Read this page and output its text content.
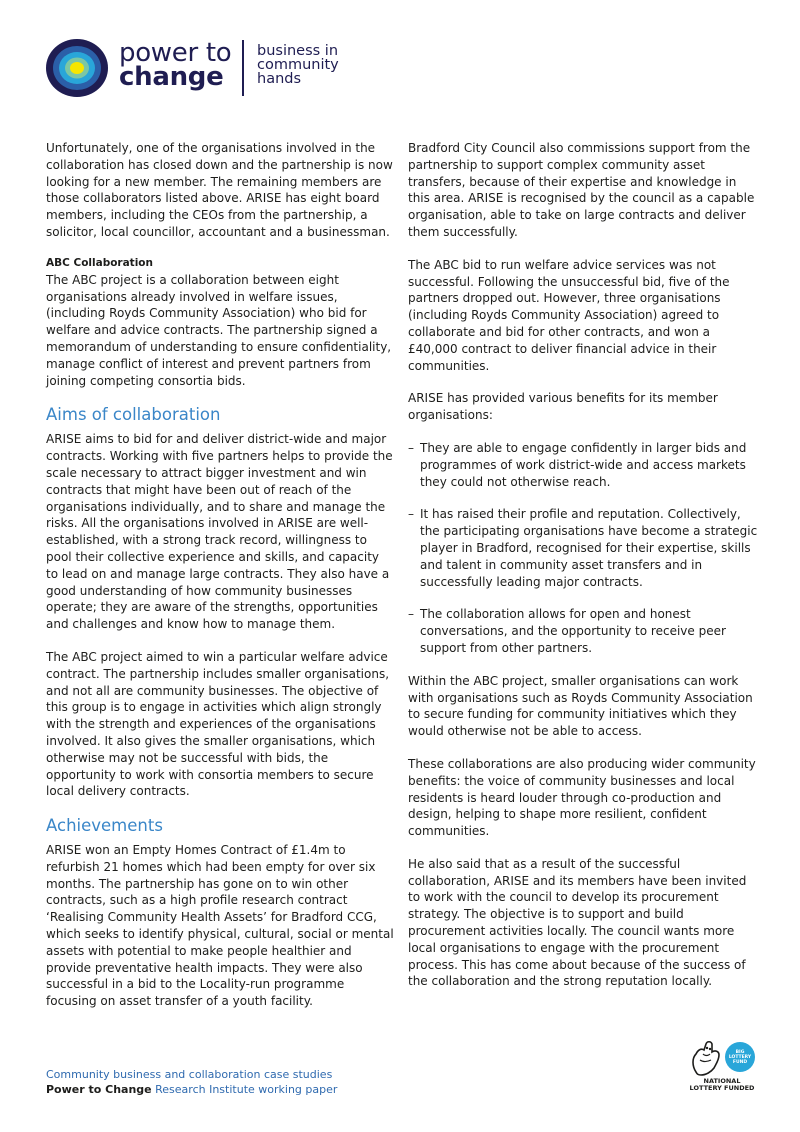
power to
change
business in
community
hands

Unfortunately, one of the organisations involved in the collaboration has closed down and the partnership is now looking for a new member. The remaining members are those collaborators listed above. ARISE has eight board members, including the CEOs from the partnership, a solicitor, local councillor, accountant and a businessman.

ABC Collaboration

The ABC project is a collaboration between eight organisations already involved in welfare issues, (including Royds Community Association) who bid for welfare and advice contracts. The partnership signed a memorandum of understanding to ensure confidentiality, manage conflict of interest and prevent partners from joining competing consortia bids.

Aims of collaboration

ARISE aims to bid for and deliver district-wide and major contracts. Working with five partners helps to provide the scale necessary to attract bigger investment and win contracts that might have been out of reach of the organisations individually, and to share and manage the risks. All the organisations involved in ARISE are well-established, with a strong track record, willingness to pool their collective experience and skills, and capacity to lead on and manage large contracts. They also have a good understanding of how community businesses operate; they are aware of the strengths, opportunities and challenges and know how to manage them.

The ABC project aimed to win a particular welfare advice contract. The partnership includes smaller organisations, and not all are community businesses. The objective of this group is to engage in activities which align strongly with the strength and experiences of the organisations involved. It also gives the smaller organisations, which otherwise may not be successful with bids, the opportunity to work with consortia members to secure local delivery contracts.

Achievements

ARISE won an Empty Homes Contract of £1.4m to refurbish 21 homes which had been empty for over six months. The partnership has gone on to win other contracts, such as a high profile research contract ‘Realising Community Health Assets’ for Bradford CCG, which seeks to identify physical, cultural, social or mental assets with potential to make people healthier and provide preventative health impacts. They were also successful in a bid to the Locality-run programme focusing on asset transfer of a youth facility.

Bradford City Council also commissions support from the partnership to support complex community asset transfers, because of their expertise and knowledge in this area. ARISE is recognised by the council as a capable organisation, able to take on large contracts and deliver them successfully.

The ABC bid to run welfare advice services was not successful. Following the unsuccessful bid, five of the partners dropped out. However, three organisations (including Royds Community Association) agreed to collaborate and bid for other contracts, and won a £40,000 contract to deliver financial advice in their communities.

ARISE has provided various benefits for its member organisations:

– They are able to engage confidently in larger bids and programmes of work district-wide and access markets they could not otherwise reach.
– It has raised their profile and reputation. Collectively, the participating organisations have become a strategic player in Bradford, recognised for their expertise, skills and talent in community asset transfers and in successfully leading major contracts.
– The collaboration allows for open and honest conversations, and the opportunity to receive peer support from other partners.

Within the ABC project, smaller organisations can work with organisations such as Royds Community Association to secure funding for community initiatives which they would otherwise not be able to access.

These collaborations are also producing wider community benefits: the voice of community businesses and local residents is heard louder through co-production and design, helping to shape more resilient, confident communities.

He also said that as a result of the successful collaboration, ARISE and its members have been invited to work with the council to develop its procurement strategy. The objective is to support and build procurement activities locally. The council wants more local organisations to engage with the procurement process. This has come about because of the success of the collaboration and the strong reputation locally.

Community business and collaboration case studies
Power to Change Research Institute working paper
BIG
LOTTERY
FUND
NATIONAL
LOTTERY FUNDED
